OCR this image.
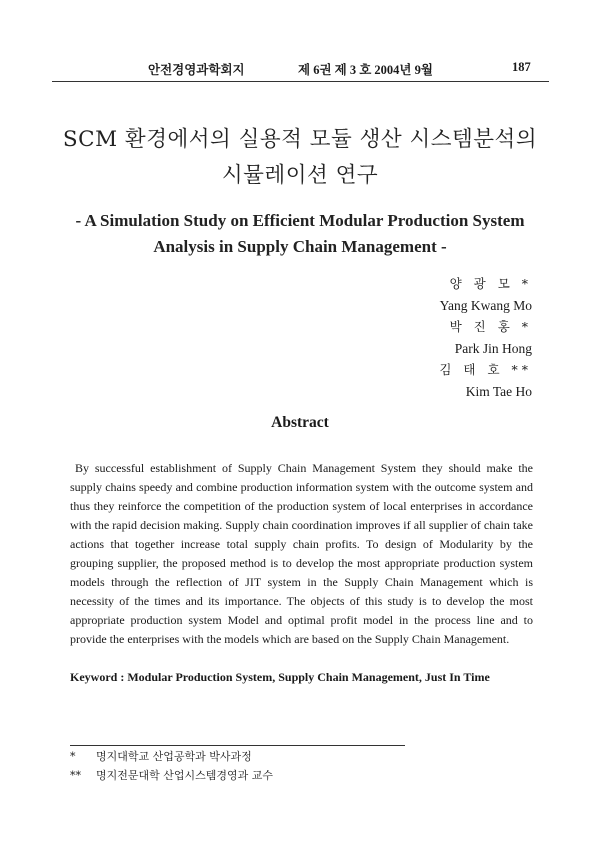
안전경영과학회지	제 6권 제 3 호 2004년 9월	187
SCM 환경에서의 실용적 모듈 생산 시스템분석의
시뮬레이션 연구
- A Simulation Study on Efficient Modular Production System
Analysis in Supply Chain Management -
양 광 모 *
Yang Kwang Mo
박 진 홍 *
Park Jin Hong
김 태 호 **
Kim Tae Ho
Abstract
By successful establishment of Supply Chain Management System they should make the supply chains speedy and combine production information system with the outcome system and thus they reinforce the competition of the production system of local enterprises in accordance with the rapid decision making. Supply chain coordination improves if all supplier of chain take actions that together increase total supply chain profits. To design of Modularity by the grouping supplier, the proposed method is to develop the most appropriate production system models through the reflection of JIT system in the Supply Chain Management which is necessity of the times and its importance. The objects of this study is to develop the most appropriate production system Model and optimal profit model in the process line and to provide the enterprises with the models which are based on the Supply Chain Management.
Keyword : Modular Production System, Supply Chain Management, Just In Time
* 명지대학교 산업공학과 박사과정
** 명지전문대학 산업시스템경영과 교수
